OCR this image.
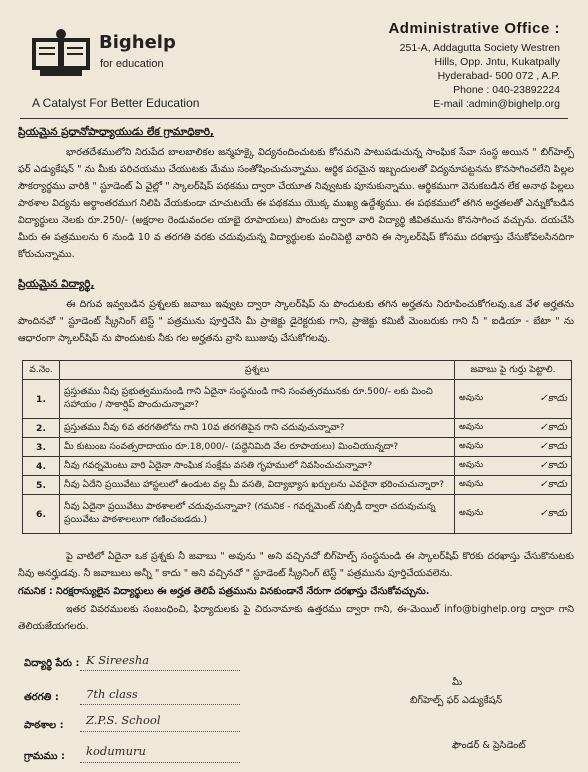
Bighelp
for education
A Catalyst For Better Education
Administrative Office :
251-A, Addagutta Society Westren
Hills, Opp. Jntu, Kukatpally
Hyderabad- 500 072 , A.P.
Phone : 040-23892224
E-mail :admin@bighelp.org
ప్రియమైన ప్రధానోపాధ్యాయుడు లేక గ్రామాధికారి,
భారతదేశములోని నిరుపేద బాలబాలికల జన్మహక్కై విద్యనందించుటకు కోసమని పాటుపడుచున్న సాంఘిక సేవా సంస్థ అయిన " బిగ్‌హెల్ప్ ఫర్ ఎడ్యుకేషన్ " ను మీకు పరిచయము చేయుటకు మేము సంతోషించుచున్నాము. ఆర్థిక పరమైన ఇబ్బందులతో విద్యనూపట్టనను కొనసాగించలేని పిల్లల సౌకర్యార్థము వారికి " స్టూడెంట్ ఏ వైల్లో " స్కాలర్‌షిప్ పథకము ద్వారా చేయూత నివ్వుటకు పూనుకున్నాము. ఆర్థికముగా వెనుకబడిన లేక అనాథ పిల్లలు పాఠశాల విద్యను అర్థాంతరముగ నిలిపి వేయకుండా చూచుటయే ఈ పథకము యొక్క ముఖ్య ఉద్దేశ్యము. ఈ పథకములో తగిన అర్హతలతో ఎన్నుకోబడిన విద్యార్థులు నెలకు రూ.250/- (అక్షరాల రెండువందల యాభై రూపాయలు) పొందుట ద్వారా వారి విద్యార్థి జీవితమును కొనసాగించ వచ్చును. దయచేసి మీరు ఈ పత్రములను 6 నుండి 10 వ తరగతి వరకు చదువుచున్న విద్యార్థులకు పంచిపెట్టి వారిని ఈ స్కాలర్‌షిప్ కోసము దరఖాస్తు చేసుకోవలసినదిగా కోరుచున్నాము.
ప్రియమైన విద్యార్థి,
ఈ దిగువ ఇవ్వబడిన ప్రశ్నలకు జవాబు ఇవ్వుట ద్వారా స్కాలర్‌షిప్ ను పొందుటకు తగిన అర్హతను నిరూపించుకోగలవు.ఒక వేళ అర్హతను పొందినచో " స్టూడెంట్ స్క్రీనింగ్ టెస్ట్ " పత్రమును పూర్తిచేసి మీ ప్రాజెక్టు డైరెక్టరుకు గాని, ప్రాజెక్టు కమిటీ మెంబరుకు గాని నీ " ఐడియా - బేటా " ను ఆధారంగా స్కాలర్‌షిప్ ను పొందుటకు నీకు గల అర్హతను వ్రాసి ఋజువు చేసుకోగలవు.
వ.నెం.	ప్రశ్నలు	జవాబు పై గుర్తు పెట్టాలి.
1.	ప్రస్తుతము నీవు ప్రభుత్వమునుండి గాని ఏదైనా సంస్థనుండి గాని సంవత్సరమునకు రూ.500/- లకు మించి సహాయం / సాకార్షిప్ పొందుచున్నావా?	అవును ✓కాదు

2.	ప్రస్తుతము నీవు 6వ తరగతిలోను గాని 10వ తరగతిపైన గాని చదువుచున్నావా?	అవును ✓కాదు

3.	మీ కుటుంబ సంవత్సరాదాయం రూ.18,000/- (పద్దెనిమిది వేల రూపాయలు) మించియున్నదా?	అవును ✓కాదు

4.	నీవు గవర్నమెంటు వారి ఏదైనా సాంఘిక సంక్షేమ వసతి గృహములో నివసించుచున్నావా?	అవును ✓కాదు

5.	నీవు ఏదేని ప్రయివేటు హాస్టలులో ఉండుట వల్ల మీ వసతి, విద్యాభ్యాస ఖర్చులను ఎవరైనా భరించుచున్నారా?	అవును ✓కాదు

6.	నీవు ఏదైనా ప్రయివేటు పాఠశాలలో చదువుచున్నావా? (గమనిక - గవర్నమెంట్ సబ్సిడీ ద్వారా చదువుచున్న ప్రయివేటు పాఠశాలలుగా గణించబడదు.)	అవును ✓కాదు
పై వాటిలో ఏదైనా ఒక ప్రశ్నకు నీ జవాబు " అవును " అని వచ్చినచో బిగ్‌హెల్ప్ సంస్థనుండి ఈ స్కాలర్‌షిప్ కొరకు దరఖాస్తు చేసుకొనుటకు నీవు అనర్హుడవు. నీ జవాబులు అన్నీ " కాదు " అని వచ్చినచో " స్టూడెంట్ స్క్రీనింగ్ టెస్ట్ " పత్రమును పూర్తిచేయవలెను.
గమనిక : నిరక్షరాస్యులైన విద్యార్థులు ఈ అర్హత తెలిపే పత్రమును వినకుండానే నేరుగా దరఖాస్తు చేసుకోవచ్చును.
ఇతర వివరములకు సంబంధించి, ఫిర్యాదులకు పై చిరునామాకు ఉత్తరము ద్వారా గాని, ఈ-మెయిల్ info@bighelp.org ద్వారా గాని తెలియజేయగలరు.
విద్యార్థి పేరు : K Sireesha
తరగతి : 7th class
పాఠశాల : Z.P.S. School
గ్రామము : kodumuru
మీ
బిగ్‌హెల్ప్ ఫర్ ఎడ్యుకేషన్
ఫౌండర్ & ప్రెసిడెంట్
